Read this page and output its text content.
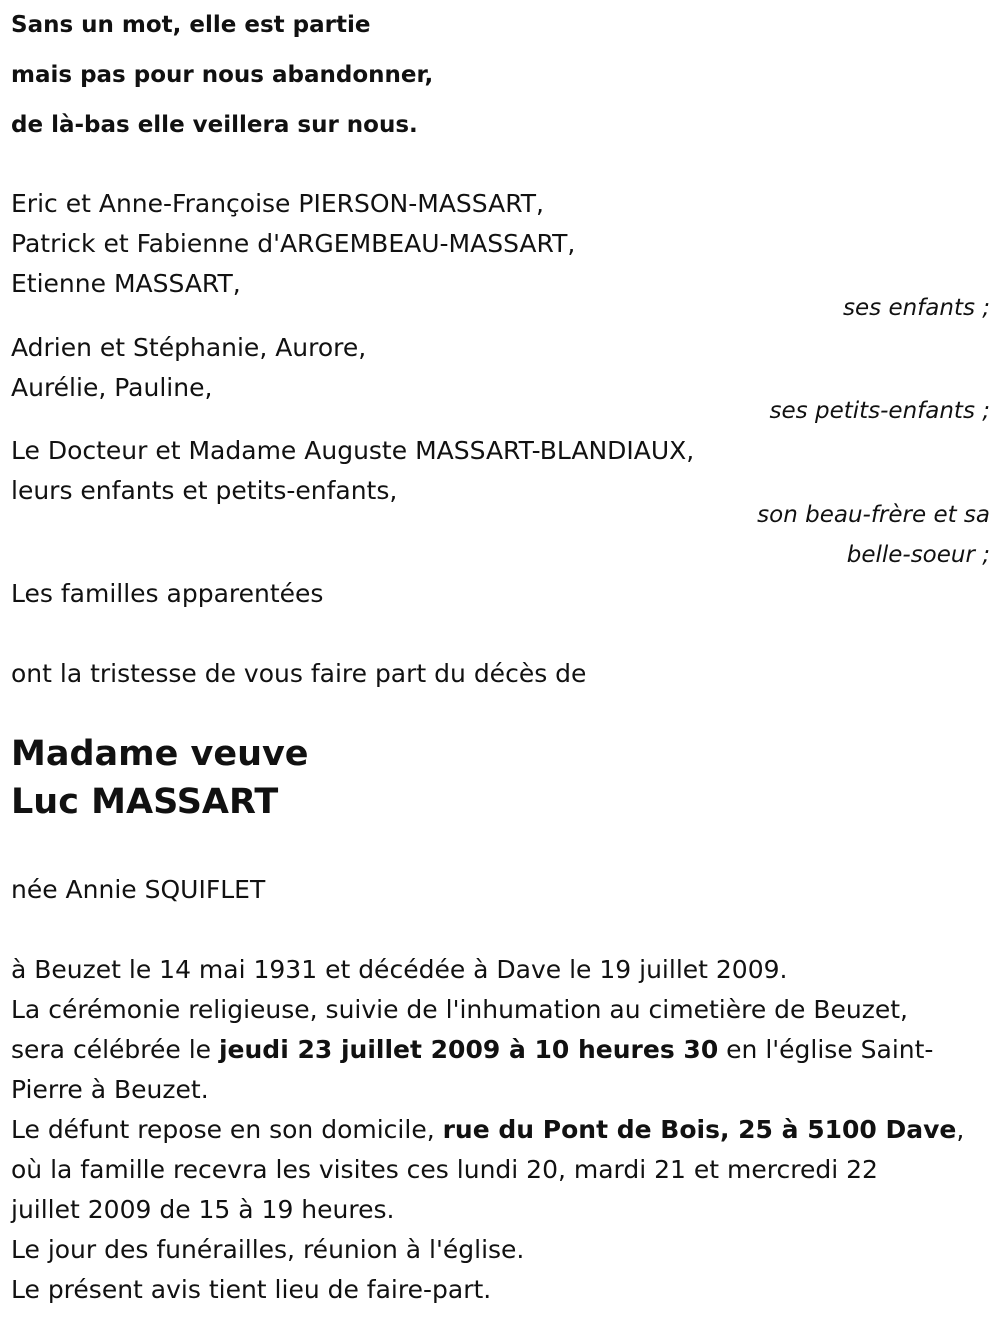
Sans un mot, elle est partie
mais pas pour nous abandonner,
de là-bas elle veillera sur nous.
Eric et Anne-Françoise PIERSON-MASSART,
Patrick et Fabienne d'ARGEMBEAU-MASSART,
Etienne MASSART,
ses enfants ;
Adrien et Stéphanie, Aurore,
Aurélie, Pauline,
ses petits-enfants ;
Le Docteur et Madame Auguste MASSART-BLANDIAUX,
leurs enfants et petits-enfants,
son beau-frère et sa
belle-soeur ;
Les familles apparentées
ont la tristesse de vous faire part du décès de
Madame veuve
Luc MASSART
née Annie SQUIFLET
à Beuzet le 14 mai 1931 et décédée à Dave le 19 juillet 2009.
La cérémonie religieuse, suivie de l'inhumation au cimetière de Beuzet,
sera célébrée le jeudi 23 juillet 2009 à 10 heures 30 en l'église Saint-
Pierre à Beuzet.
Le défunt repose en son domicile, rue du Pont de Bois, 25 à 5100 Dave,
où la famille recevra les visites ces lundi 20, mardi 21 et mercredi 22
juillet 2009 de 15 à 19 heures.
Le jour des funérailles, réunion à l'église.
Le présent avis tient lieu de faire-part.
